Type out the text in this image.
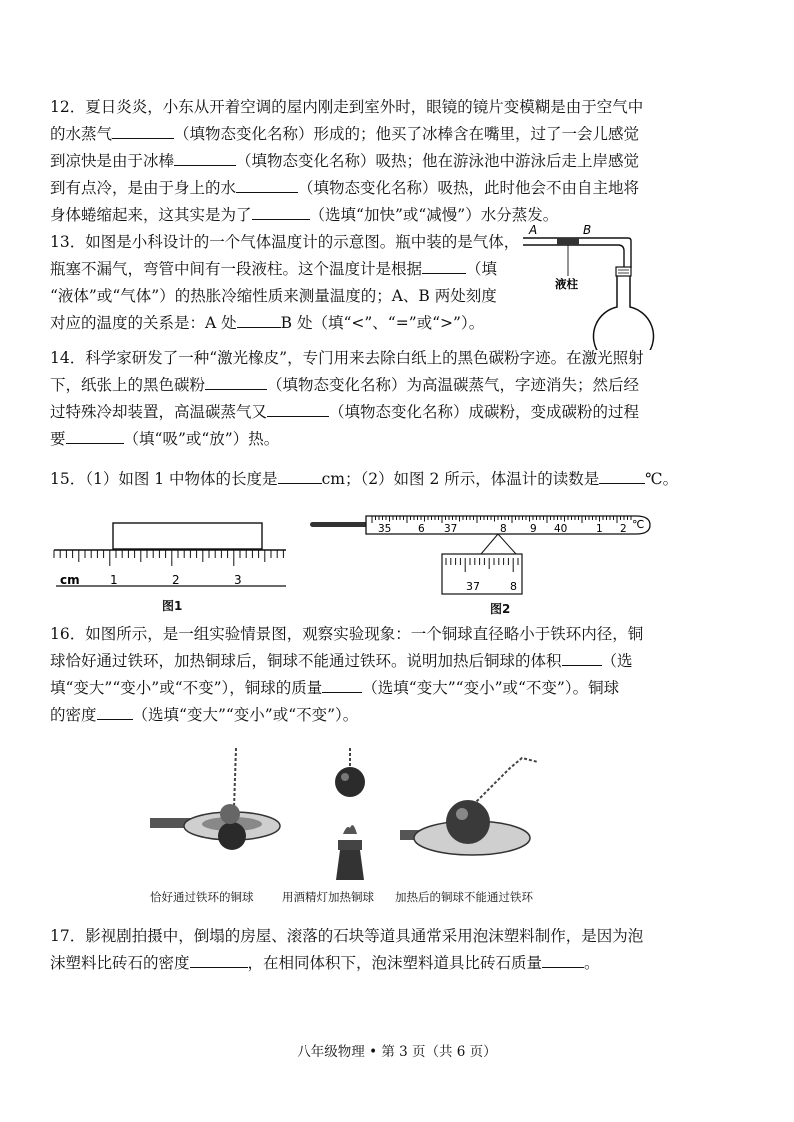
12．夏日炎炎，小东从开着空调的屋内刚走到室外时，眼镜的镜片变模糊是由于空气中

的水蒸气	（填物态变化名称）形成的；他买了冰棒含在嘴里，过了一会儿感觉

到凉快是由于冰棒	（填物态变化名称）吸热；他在游泳池中游泳后走上岸感觉

到有点冷，是由于身上的水	（填物态变化名称）吸热，此时他会不由自主地将

身体蜷缩起来，这其实是为了	（选填“加快”或“减慢”）水分蒸发。

13．如图是小科设计的一个气体温度计的示意图。瓶中装的是气体，

瓶塞不漏气，弯管中间有一段液柱。这个温度计是根据	（填

“液体”或“气体”）的热胀冷缩性质来测量温度的；A、B 两处刻度

对应的温度的关系是：A 处	B 处（填“<”、“=”或“>”）。

A	B
液柱

14．科学家研发了一种“激光橡皮”，专门用来去除白纸上的黑色碳粉字迹。在激光照射

下，纸张上的黑色碳粉	（填物态变化名称）为高温碳蒸气，字迹消失；然后经

过特殊冷却装置，高温碳蒸气又	（填物态变化名称）成碳粉，变成碳粉的过程

要	（填“吸”或“放”）热。

15．（1）如图 1 中物体的长度是	cm；（2）如图 2 所示，体温计的读数是	℃。

cm	1	2	3
图1
35	6 37	8 9 40	1 2 ℃
37	8
图2

16．如图所示，是一组实验情景图，观察实验现象：一个铜球直径略小于铁环内径，铜

球恰好通过铁环，加热铜球后，铜球不能通过铁环。说明加热后铜球的体积	（选

填“变大”“变小”或“不变”），铜球的质量	（选填“变大”“变小”或“不变”）。铜球

的密度 （选填“变大”“变小”或“不变”）。

恰好通过铁环的铜球 用酒精灯加热铜球 加热后的铜球不能通过铁环

17．影视剧拍摄中，倒塌的房屋、滚落的石块等道具通常采用泡沫塑料制作，是因为泡

沫塑料比砖石的密度	，在相同体积下，泡沫塑料道具比砖石质量	。

八年级物理 • 第 3 页（共 6 页）
